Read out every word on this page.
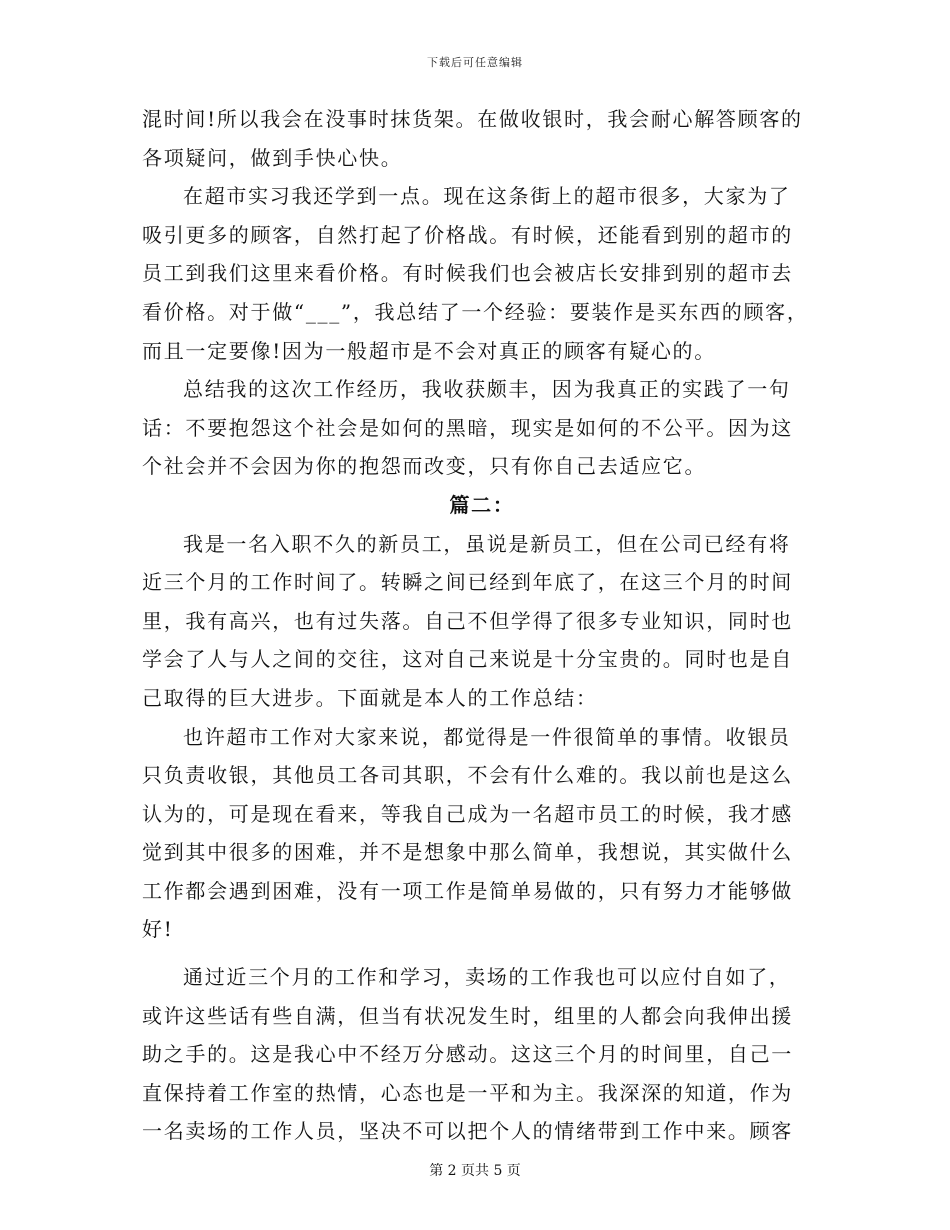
下载后可任意编辑
混时间!所以我会在没事时抹货架。在做收银时，我会耐心解答顾客的
各项疑问，做到手快心快。
在超市实习我还学到一点。现在这条街上的超市很多，大家为了
吸引更多的顾客，自然打起了价格战。有时候，还能看到别的超市的
员工到我们这里来看价格。有时候我们也会被店长安排到别的超市去
看价格。对于做“___”，我总结了一个经验：要装作是买东西的顾客，
而且一定要像!因为一般超市是不会对真正的顾客有疑心的。
总结我的这次工作经历，我收获颇丰，因为我真正的实践了一句
话：不要抱怨这个社会是如何的黑暗，现实是如何的不公平。因为这
个社会并不会因为你的抱怨而改变，只有你自己去适应它。
篇二：
我是一名入职不久的新员工，虽说是新员工，但在公司已经有将
近三个月的工作时间了。转瞬之间已经到年底了，在这三个月的时间
里，我有高兴，也有过失落。自己不但学得了很多专业知识，同时也
学会了人与人之间的交往，这对自己来说是十分宝贵的。同时也是自
己取得的巨大进步。下面就是本人的工作总结：
也许超市工作对大家来说，都觉得是一件很简单的事情。收银员
只负责收银，其他员工各司其职，不会有什么难的。我以前也是这么
认为的，可是现在看来，等我自己成为一名超市员工的时候，我才感
觉到其中很多的困难，并不是想象中那么简单，我想说，其实做什么
工作都会遇到困难，没有一项工作是简单易做的，只有努力才能够做
好!
通过近三个月的工作和学习，卖场的工作我也可以应付自如了，
或许这些话有些自满，但当有状况发生时，组里的人都会向我伸出援
助之手的。这是我心中不经万分感动。这这三个月的时间里，自己一
直保持着工作室的热情，心态也是一平和为主。我深深的知道，作为
一名卖场的工作人员，坚决不可以把个人的情绪带到工作中来。顾客
第 2 页共 5 页
